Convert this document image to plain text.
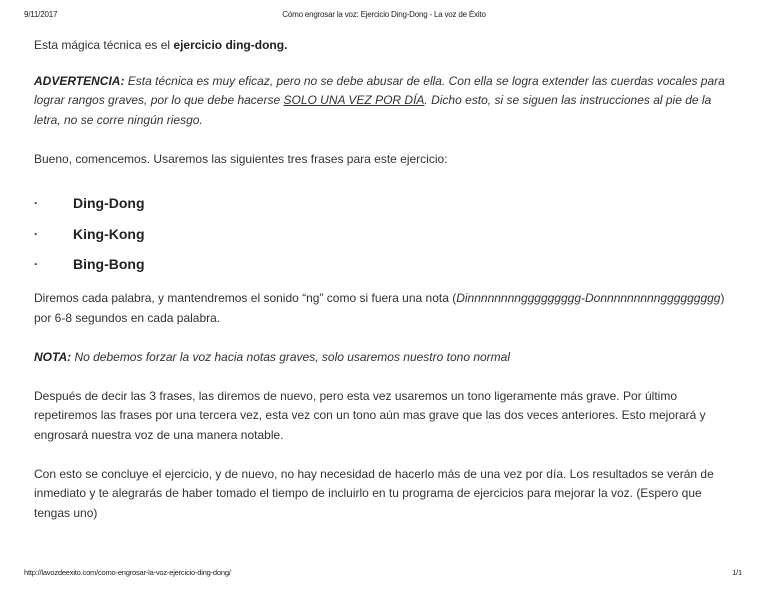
9/11/2017	Cómo engrosar la voz: Ejercicio Ding-Dong - La voz de Éxito

Esta mágica técnica es el ejercicio ding-dong.

ADVERTENCIA: Esta técnica es muy eficaz, pero no se debe abusar de ella. Con ella se logra extender las cuerdas vocales para lograr rangos graves, por lo que debe hacerse SOLO UNA VEZ POR DÍA. Dicho esto, si se siguen las instrucciones al pie de la letra, no se corre ningún riesgo.

Bueno, comencemos. Usaremos las siguientes tres frases para este ejercicio:

·	Ding-Dong
·	King-Kong
·	Bing-Bong

Diremos cada palabra, y mantendremos el sonido “ng” como si fuera una nota (Dinnnnnnnnggggggggg-Donnnnnnnnnggggggggg) por 6-8 segundos en cada palabra.

NOTA: No debemos forzar la voz hacia notas graves, solo usaremos nuestro tono normal

Después de decir las 3 frases, las diremos de nuevo, pero esta vez usaremos un tono ligeramente más grave. Por último repetiremos las frases por una tercera vez, esta vez con un tono aún mas grave que las dos veces anteriores. Esto mejorará y engrosará nuestra voz de una manera notable.

Con esto se concluye el ejercicio, y de nuevo, no hay necesidad de hacerlo más de una vez por día. Los resultados se verán de inmediato y te alegrarás de haber tomado el tiempo de incluirlo en tu programa de ejercicios para mejorar la voz. (Espero que tengas uno)

http://lavozdeexito.com/como-engrosar-la-voz-ejercicio-ding-dong/	1/1
